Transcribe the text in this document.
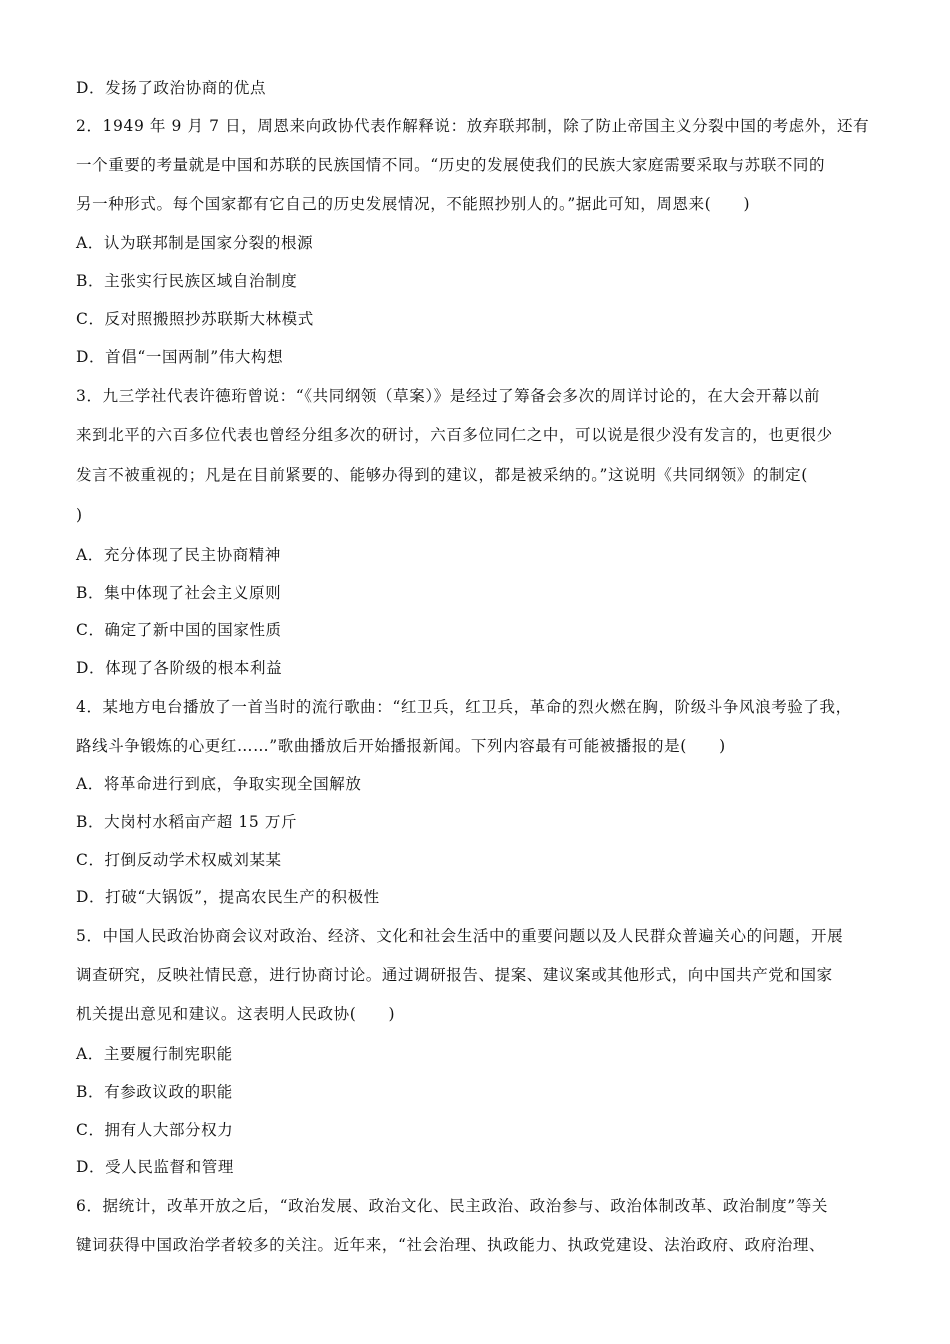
D．发扬了政治协商的优点
2．1949 年 9 月 7 日，周恩来向政协代表作解释说：放弃联邦制，除了防止帝国主义分裂中国的考虑外，还有
一个重要的考量就是中国和苏联的民族国情不同。“历史的发展使我们的民族大家庭需要采取与苏联不同的
另一种形式。每个国家都有它自己的历史发展情况，不能照抄别人的。”据此可知，周恩来(　　)
A．认为联邦制是国家分裂的根源
B．主张实行民族区域自治制度
C．反对照搬照抄苏联斯大林模式
D．首倡“一国两制”伟大构想
3．九三学社代表许德珩曾说：“《共同纲领（草案）》是经过了筹备会多次的周详讨论的，在大会开幕以前
来到北平的六百多位代表也曾经分组多次的研讨，六百多位同仁之中，可以说是很少没有发言的，也更很少
发言不被重视的；凡是在目前紧要的、能够办得到的建议，都是被采纳的。”这说明《共同纲领》的制定(
)
A．充分体现了民主协商精神
B．集中体现了社会主义原则
C．确定了新中国的国家性质
D．体现了各阶级的根本利益
4．某地方电台播放了一首当时的流行歌曲：“红卫兵，红卫兵，革命的烈火燃在胸，阶级斗争风浪考验了我，
路线斗争锻炼的心更红……”歌曲播放后开始播报新闻。下列内容最有可能被播报的是(　　)
A．将革命进行到底，争取实现全国解放
B．大岗村水稻亩产超 15 万斤
C．打倒反动学术权威刘某某
D．打破“大锅饭”，提高农民生产的积极性
5．中国人民政治协商会议对政治、经济、文化和社会生活中的重要问题以及人民群众普遍关心的问题，开展
调查研究，反映社情民意，进行协商讨论。通过调研报告、提案、建议案或其他形式，向中国共产党和国家
机关提出意见和建议。这表明人民政协(　　)
A．主要履行制宪职能
B．有参政议政的职能
C．拥有人大部分权力
D．受人民监督和管理
6．据统计，改革开放之后，“政治发展、政治文化、民主政治、政治参与、政治体制改革、政治制度”等关
键词获得中国政治学者较多的关注。近年来，“社会治理、执政能力、执政党建设、法治政府、政府治理、
